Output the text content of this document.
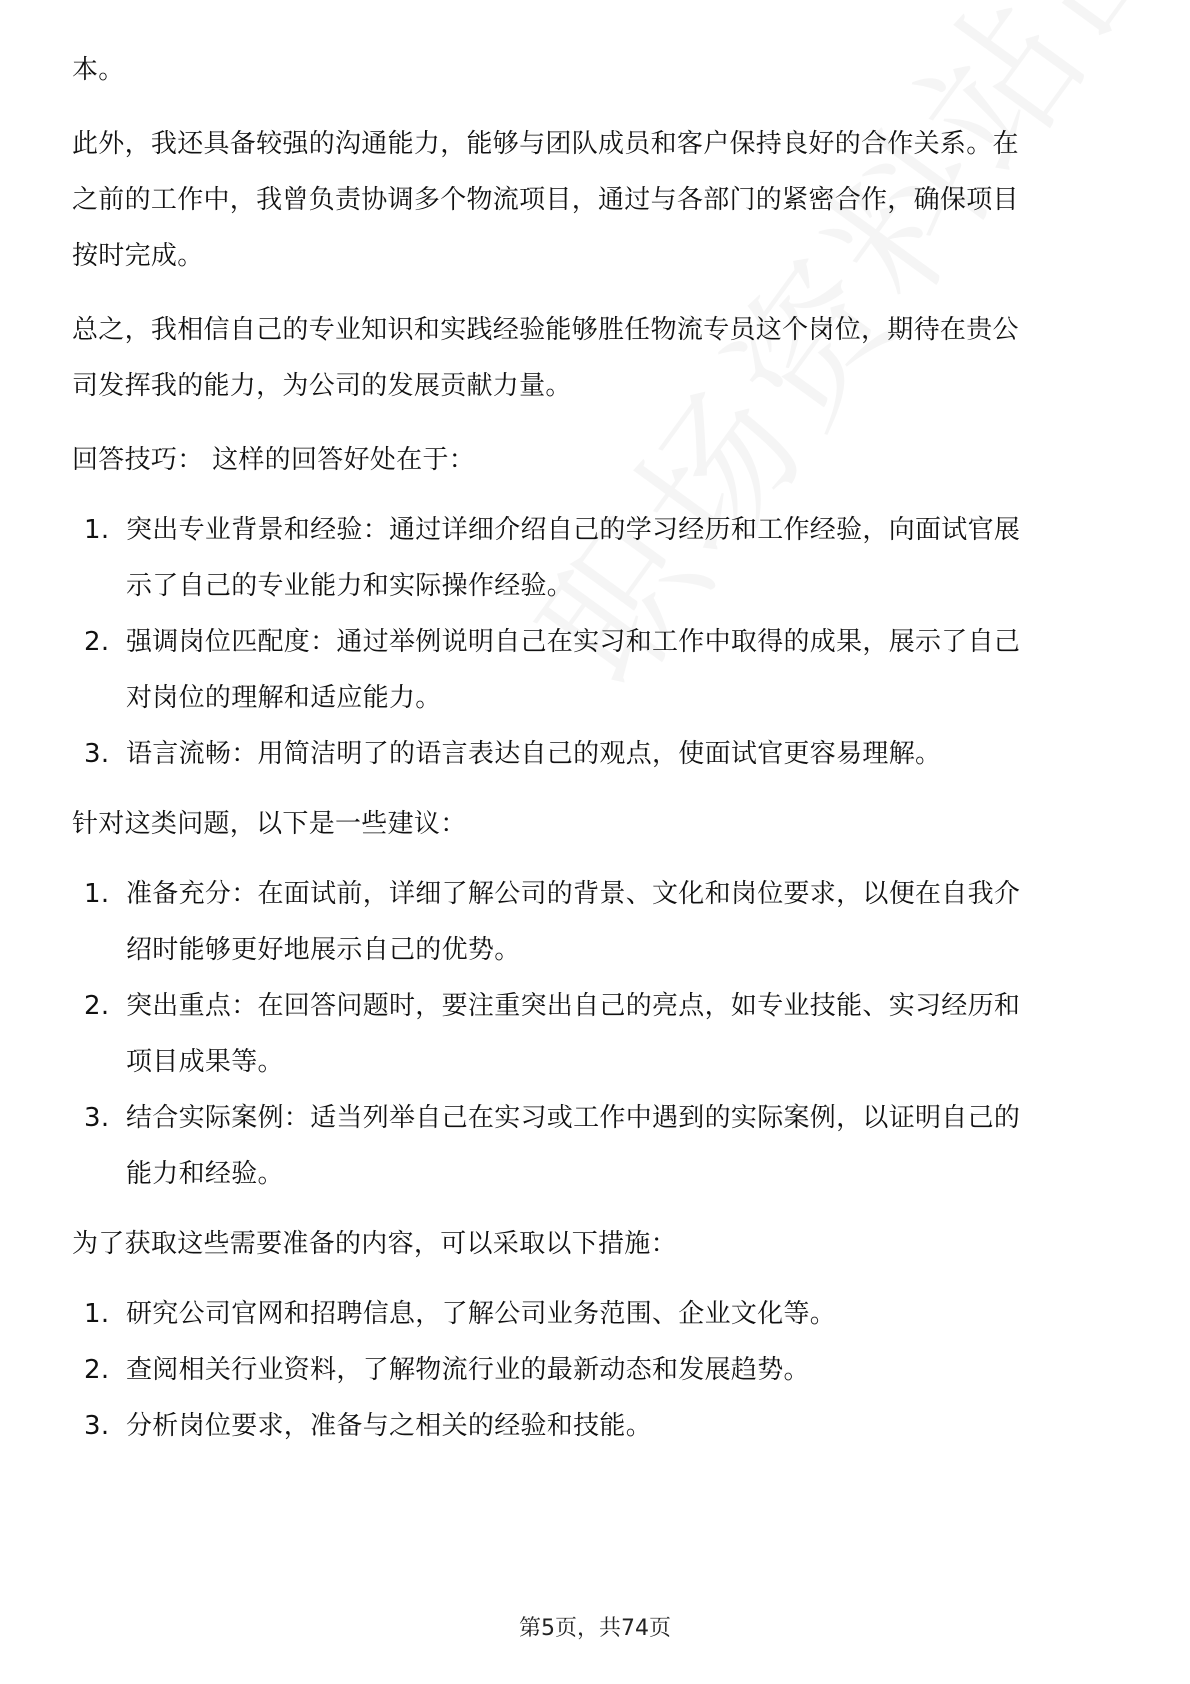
本。

此外，我还具备较强的沟通能力，能够与团队成员和客户保持良好的合作关系。在
之前的工作中，我曾负责协调多个物流项目，通过与各部门的紧密合作，确保项目
按时完成。

总之，我相信自己的专业知识和实践经验能够胜任物流专员这个岗位，期待在贵公
司发挥我的能力，为公司的发展贡献力量。

回答技巧： 这样的回答好处在于：

1. 突出专业背景和经验：通过详细介绍自己的学习经历和工作经验，向面试官展
示了自己的专业能力和实际操作经验。
2. 强调岗位匹配度：通过举例说明自己在实习和工作中取得的成果，展示了自己
对岗位的理解和适应能力。
3. 语言流畅：用简洁明了的语言表达自己的观点，使面试官更容易理解。

针对这类问题，以下是一些建议：

1. 准备充分：在面试前，详细了解公司的背景、文化和岗位要求，以便在自我介
绍时能够更好地展示自己的优势。
2. 突出重点：在回答问题时，要注重突出自己的亮点，如专业技能、实习经历和
项目成果等。
3. 结合实际案例：适当列举自己在实习或工作中遇到的实际案例，以证明自己的
能力和经验。

为了获取这些需要准备的内容，可以采取以下措施：

1. 研究公司官网和招聘信息，了解公司业务范围、企业文化等。
2. 查阅相关行业资料，了解物流行业的最新动态和发展趋势。
3. 分析岗位要求，准备与之相关的经验和技能。
第5页，共74页
